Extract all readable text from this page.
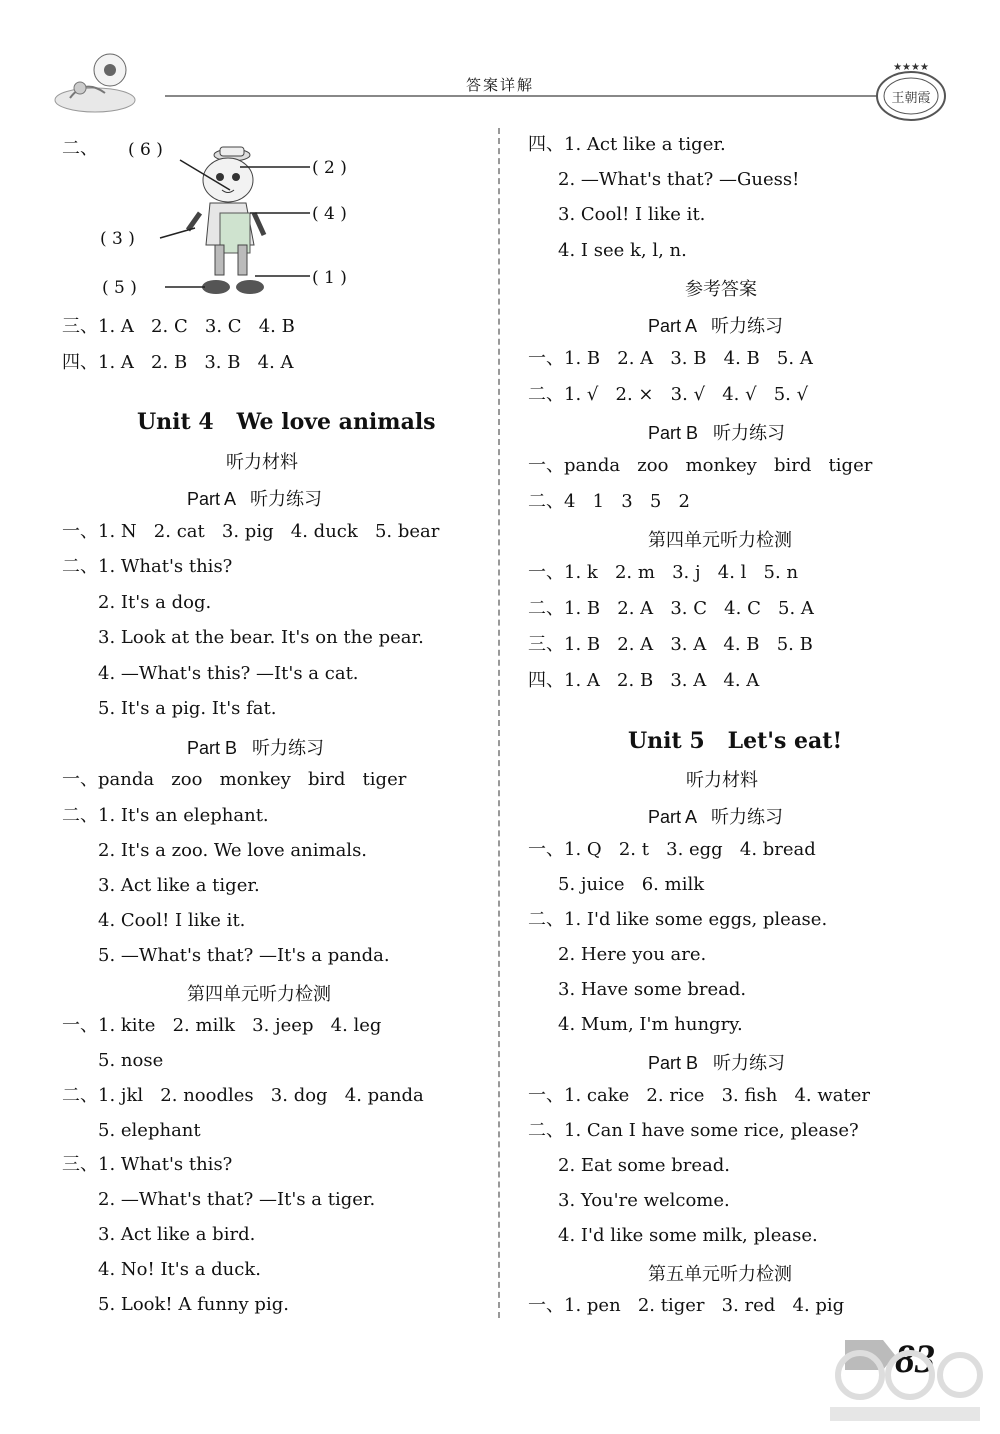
答案详解
王朝霞
★★★★
二、 ( 6 )
( 2 )
( 4 )
( 3 )
( 1 )
( 5 )
三、1. A   2. C   3. C   4. B
四、1. A   2. B   3. B   4. A
Unit 4   We love animals
听力材料
Part A   听力练习
一、1. N   2. cat   3. pig   4. duck   5. bear
二、1. What's this?
2. It's a dog.
3. Look at the bear. It's on the pear.
4. —What's this? —It's a cat.
5. It's a pig. It's fat.
Part B   听力练习
一、panda   zoo   monkey   bird   tiger
二、1. It's an elephant.
2. It's a zoo. We love animals.
3. Act like a tiger.
4. Cool! I like it.
5. —What's that? —It's a panda.
第四单元听力检测
一、1. kite   2. milk   3. jeep   4. leg
5. nose
二、1. jkl   2. noodles   3. dog   4. panda
5. elephant
三、1. What's this?
2. —What's that? —It's a tiger.
3. Act like a bird.
4. No! It's a duck.
5. Look! A funny pig.
四、1. Act like a tiger.
2. —What's that? —Guess!
3. Cool! I like it.
4. I see k, l, n.
参考答案
Part A   听力练习
一、1. B   2. A   3. B   4. B   5. A
二、1. √   2. ×   3. √   4. √   5. √
Part B   听力练习
一、panda   zoo   monkey   bird   tiger
二、4   1   3   5   2
第四单元听力检测
一、1. k   2. m   3. j   4. l   5. n
二、1. B   2. A   3. C   4. C   5. A
三、1. B   2. A   3. A   4. B   5. B
四、1. A   2. B   3. A   4. A
Unit 5   Let's eat!
听力材料
Part A   听力练习
一、1. Q   2. t   3. egg   4. bread
5. juice   6. milk
二、1. I'd like some eggs, please.
2. Here you are.
3. Have some bread.
4. Mum, I'm hungry.
Part B   听力练习
一、1. cake   2. rice   3. fish   4. water
二、1. Can I have some rice, please?
2. Eat some bread.
3. You're welcome.
4. I'd like some milk, please.
第五单元听力检测
一、1. pen   2. tiger   3. red   4. pig
83
